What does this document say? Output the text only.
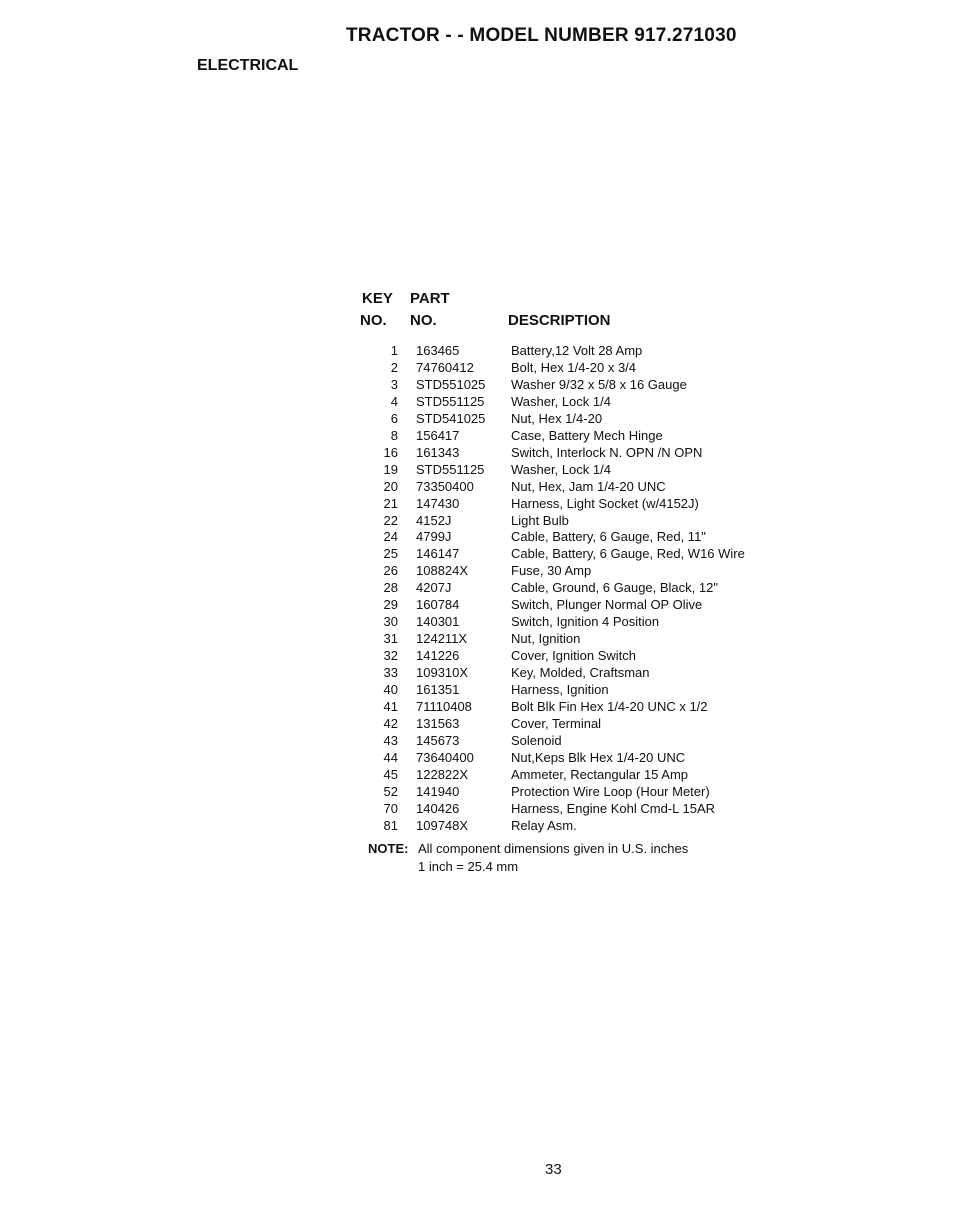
TRACTOR - - MODEL NUMBER 917.271030
ELECTRICAL
KEY PART
NO. NO.	DESCRIPTION
1 163465	Battery,12 Volt 28 Amp
2 74760412	Bolt, Hex 1/4-20 x 3/4
3 STD551025 Washer 9/32 x 5/8 x 16 Gauge
4 STD551125 Washer, Lock 1/4
6 STD541025 Nut, Hex 1/4-20
8 156417	Case, Battery Mech Hinge
16 161343	Switch, Interlock N. OPN /N OPN
19 STD551125 Washer, Lock 1/4
20 73350400	Nut, Hex, Jam 1/4-20 UNC
21 147430	Harness, Light Socket (w/4152J)
22 4152J	Light Bulb
24 4799J	Cable, Battery, 6 Gauge, Red, 11"
25 146147	Cable, Battery, 6 Gauge, Red, W16 Wire
26 108824X	Fuse, 30 Amp
28 4207J	Cable, Ground, 6 Gauge, Black, 12"
29 160784	Switch, Plunger Normal OP Olive
30 140301	Switch, Ignition 4 Position
31 124211X	Nut, Ignition
32 141226	Cover, Ignition Switch
33 109310X	Key, Molded, Craftsman
40 161351	Harness, Ignition
41 71110408	Bolt Blk Fin Hex 1/4-20 UNC x 1/2
42 131563	Cover, Terminal
43 145673	Solenoid
44 73640400	Nut,Keps Blk Hex 1/4-20 UNC
45 122822X	Ammeter, Rectangular 15 Amp
52 141940	Protection Wire Loop (Hour Meter)
70 140426	Harness, Engine Kohl Cmd-L 15AR
81 109748X	Relay Asm.
NOTE: All component dimensions given in U.S. inches
1 inch = 25.4 mm
33
